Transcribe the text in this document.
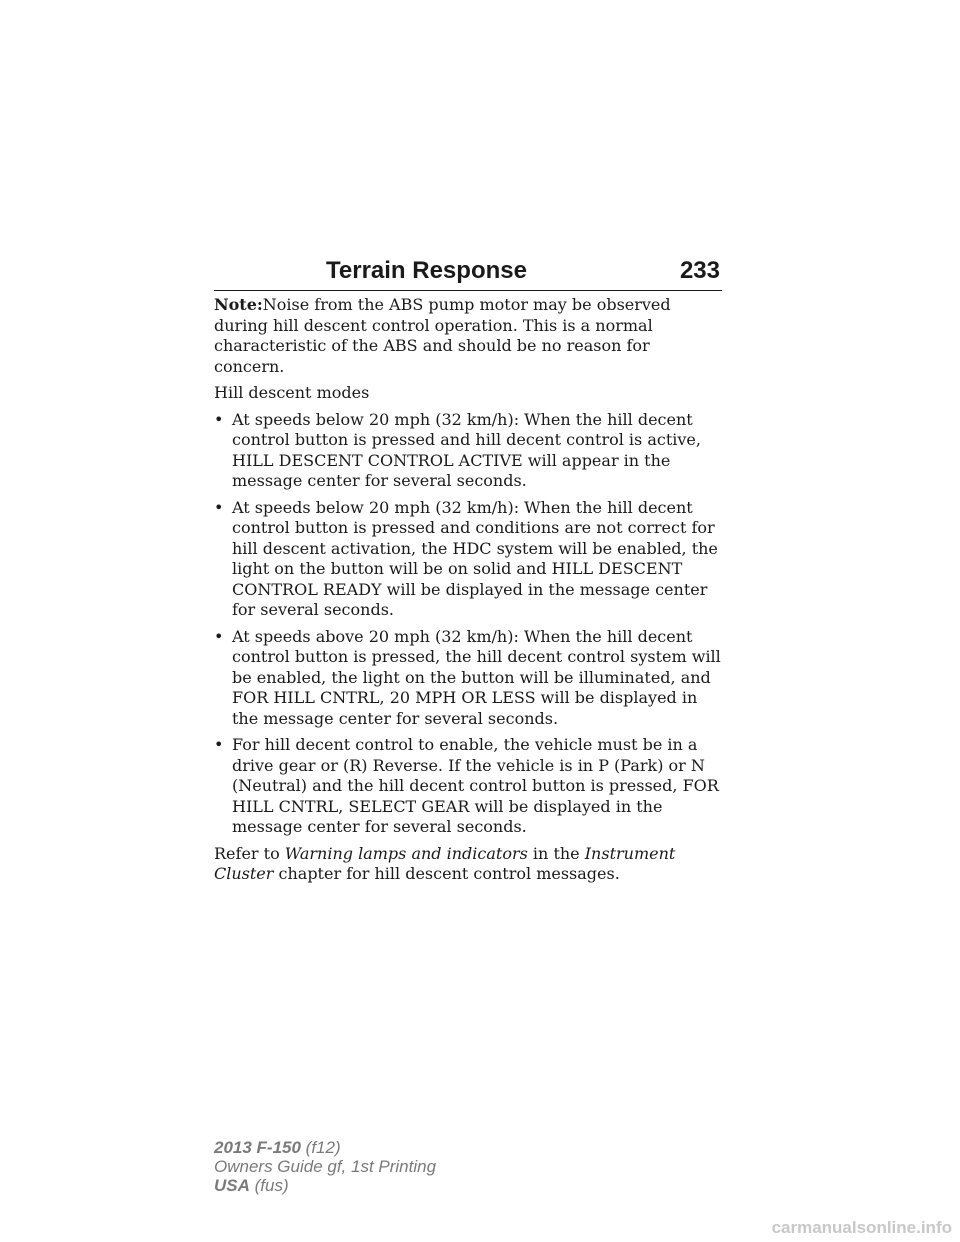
Terrain Response	233

Note:Noise from the ABS pump motor may be observed during hill descent control operation. This is a normal characteristic of the ABS and should be no reason for concern.

Hill descent modes

• At speeds below 20 mph (32 km/h): When the hill decent control button is pressed and hill decent control is active, HILL DESCENT CONTROL ACTIVE will appear in the message center for several seconds.
• At speeds below 20 mph (32 km/h): When the hill decent control button is pressed and conditions are not correct for hill descent activation, the HDC system will be enabled, the light on the button will be on solid and HILL DESCENT CONTROL READY will be displayed in the message center for several seconds.
• At speeds above 20 mph (32 km/h): When the hill decent control button is pressed, the hill decent control system will be enabled, the light on the button will be illuminated, and FOR HILL CNTRL, 20 MPH OR LESS will be displayed in the message center for several seconds.
• For hill decent control to enable, the vehicle must be in a drive gear or (R) Reverse. If the vehicle is in P (Park) or N (Neutral) and the hill decent control button is pressed, FOR HILL CNTRL, SELECT GEAR will be displayed in the message center for several seconds.

Refer to Warning lamps and indicators in the Instrument Cluster chapter for hill descent control messages.

2013 F-150 (f12)
Owners Guide gf, 1st Printing
USA (fus)
carmanualsonline.info
